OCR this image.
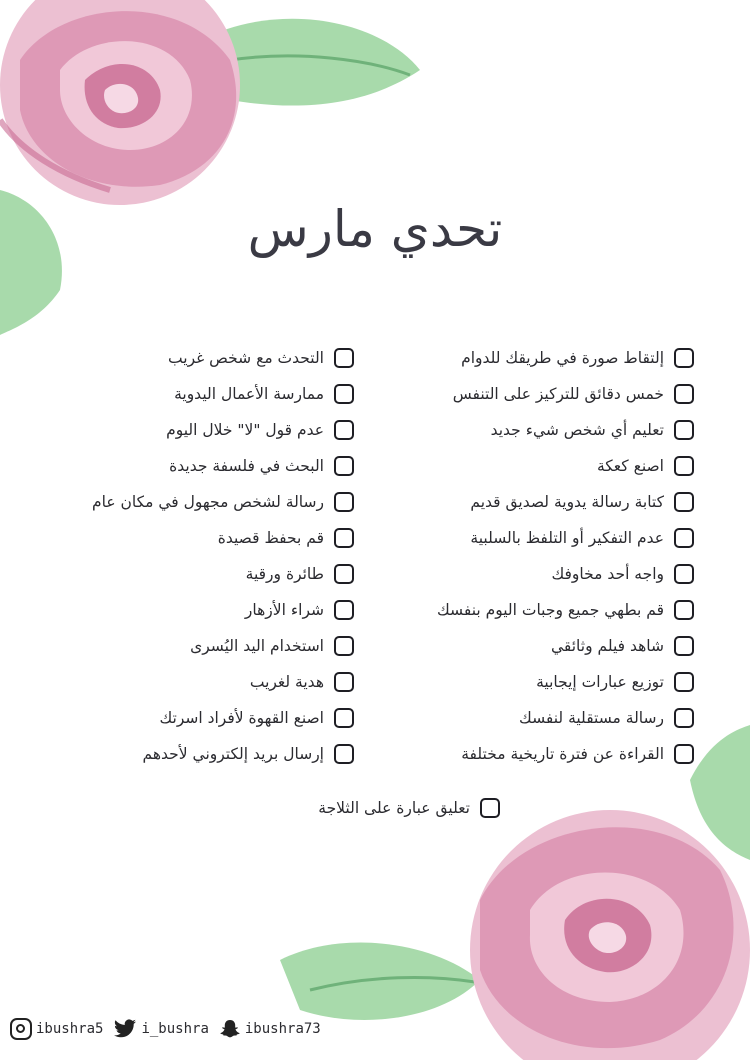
تحدي مارس
إلتقاط صورة في طريقك للدوام
خمس دقائق للتركيز على التنفس
تعليم أي شخص شيء جديد
اصنع كعكة
كتابة رسالة يدوية لصديق قديم
عدم التفكير أو التلفظ بالسلبية
واجه أحد مخاوفك
قم بطهي جميع وجبات اليوم بنفسك
شاهد فيلم وثائقي
توزيع عبارات إيجابية
رسالة مستقلية لنفسك
القراءة عن فترة تاريخية مختلفة
التحدث مع شخص غريب
ممارسة الأعمال اليدوية
عدم قول "لا" خلال اليوم
البحث في فلسفة جديدة
رسالة لشخص مجهول في مكان عام
قم بحفظ قصيدة
طائرة ورقية
شراء الأزهار
استخدام اليد اليُسرى
هدية لغريب
اصنع القهوة لأفراد اسرتك
إرسال بريد إلكتروني لأحدهم
تعليق عبارة على الثلاجة
ibushra5	i_bushra	ibushra73
